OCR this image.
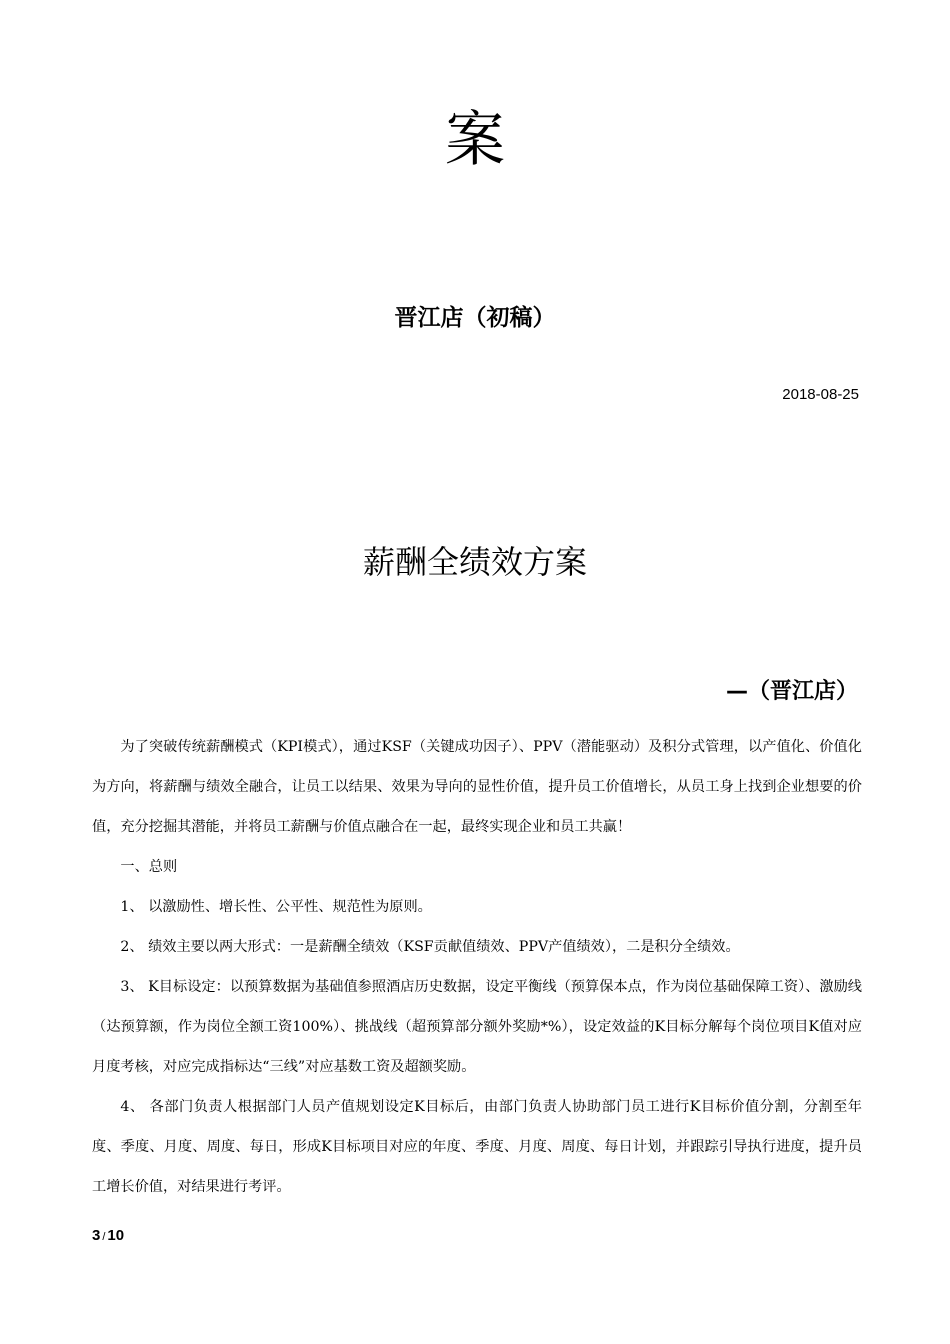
案
晋江店（初稿）
2018-08-25
薪酬全绩效方案
—（晋江店）

为了突破传统薪酬模式（KPI模式），通过KSF（关键成功因子）、PPV（潜能驱动）及积分式管理，以产值化、价值化为方向，将薪酬与绩效全融合，让员工以结果、效果为导向的显性价值，提升员工价值增长，从员工身上找到企业想要的价值，充分挖掘其潜能，并将员工薪酬与价值点融合在一起，最终实现企业和员工共赢！

一、总则

1、 以激励性、增长性、公平性、规范性为原则。

2、 绩效主要以两大形式：一是薪酬全绩效（KSF贡献值绩效、PPV产值绩效），二是积分全绩效。

3、 K目标设定：以预算数据为基础值参照酒店历史数据，设定平衡线（预算保本点，作为岗位基础保障工资）、激励线（达预算额，作为岗位全额工资100%）、挑战线（超预算部分额外奖励*%），设定效益的K目标分解每个岗位项目K值对应月度考核，对应完成指标达“三线”对应基数工资及超额奖励。

4、 各部门负责人根据部门人员产值规划设定K目标后，由部门负责人协助部门员工进行K目标价值分割，分割至年度、季度、月度、周度、每日，形成K目标项目对应的年度、季度、月度、周度、每日计划，并跟踪引导执行进度，提升员工增长价值，对结果进行考评。

3 / 10
